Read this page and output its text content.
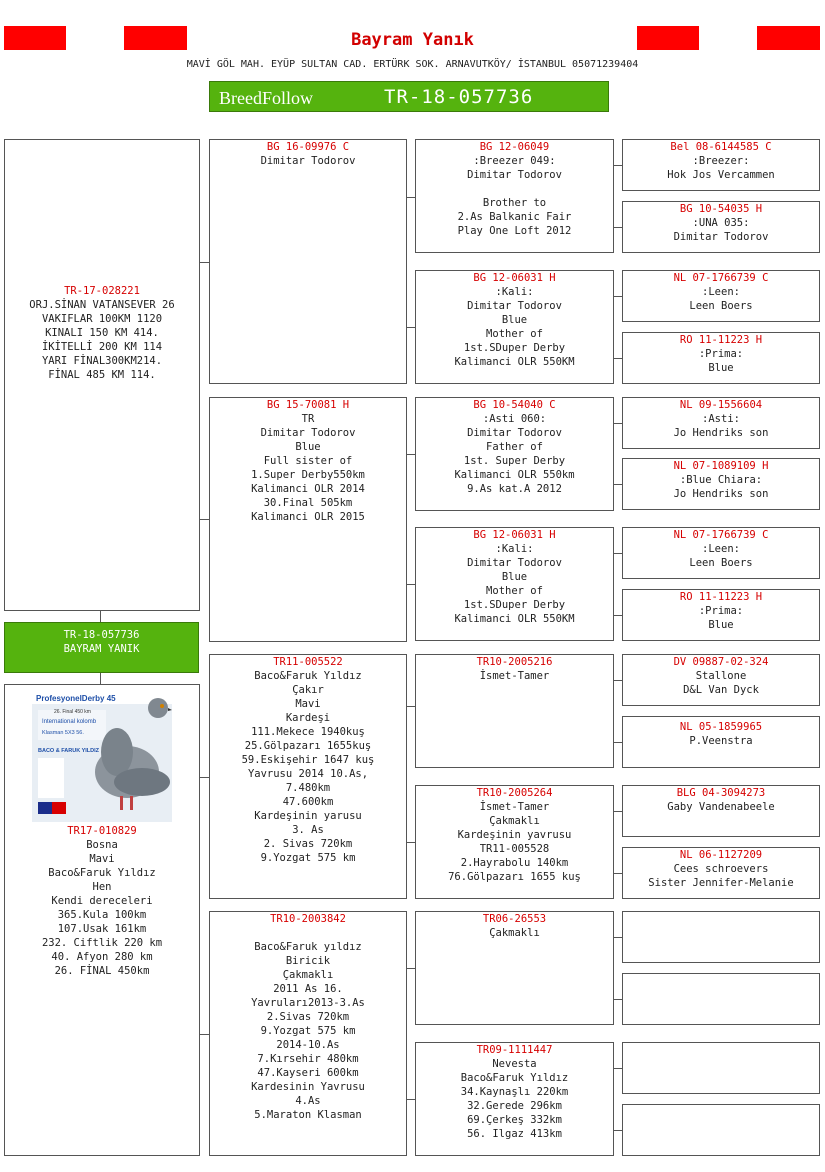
Bayram Yanık
MAVİ GÖL MAH. EYÜP SULTAN CAD. ERTÜRK SOK. ARNAVUTKÖY/ İSTANBUL 05071239404
BreedFollow	TR-18-057736
TR-17-028221
ORJ.SİNAN VATANSEVER 26
VAKIFLAR 100KM 1120
KINALI 150 KM 414.
İKİTELLİ 200 KM 114
YARI FİNAL300KM214.
FİNAL 485 KM 114.
TR-18-057736
BAYRAM YANIK
ProfesyonelDerby 45
26. Final 450 km
International kolomb
Klasman 5X3 56.
BACO & FARUK YILDIZ
TR17-010829
Bosna
Mavi
Baco&Faruk Yıldız
Hen
Kendi dereceleri
365.Kula 100km
107.Usak 161km
232. Ciftlik 220 km
40. Afyon 280 km
26. FİNAL 450km
BG 16-09976 C
Dimitar Todorov
BG 15-70081 H
TR
Dimitar Todorov
Blue
Full sister of
1.Super Derby550km
Kalimanci OLR 2014
30.Final 505km
Kalimanci OLR 2015
TR11-005522
Baco&Faruk Yıldız
Çakır
Mavi
Kardeşi
111.Mekece 1940kuş
25.Gölpazarı 1655kuş
59.Eskişehir 1647 kuş
Yavrusu 2014 10.As,
7.480km
47.600km
Kardeşinin yarusu
3. As
2. Sivas 720km
9.Yozgat 575 km
TR10-2003842

Baco&Faruk yıldız
Biricik
Çakmaklı
2011 As 16.
Yavruları2013-3.As
2.Sivas 720km
9.Yozgat 575 km
2014-10.As
7.Kırsehir 480km
47.Kayseri 600km
Kardesinin Yavrusu
4.As
5.Maraton Klasman
BG 12-06049
:Breezer 049:
Dimitar Todorov

Brother to
2.As Balkanic Fair
Play One Loft 2012
BG 12-06031 H
:Kali:
Dimitar Todorov
Blue
Mother of
1st.SDuper Derby
Kalimanci OLR 550KM
BG 10-54040 C
:Asti 060:
Dimitar Todorov
Father of
1st. Super Derby
Kalimanci OLR 550km
9.As kat.A 2012
BG 12-06031 H
:Kali:
Dimitar Todorov
Blue
Mother of
1st.SDuper Derby
Kalimanci OLR 550KM
TR10-2005216
İsmet-Tamer
TR10-2005264
İsmet-Tamer
Çakmaklı
Kardeşinin yavrusu
TR11-005528
2.Hayrabolu 140km
76.Gölpazarı 1655 kuş
TR06-26553
Çakmaklı
TR09-1111447
Nevesta
Baco&Faruk Yıldız
34.Kaynaşlı 220km
32.Gerede 296km
69.Çerkeş 332km
56. Ilgaz 413km
Bel 08-6144585 C
:Breezer:
Hok Jos Vercammen
BG 10-54035 H
:UNA 035:
Dimitar Todorov
NL 07-1766739 C
:Leen:
Leen Boers
RO 11-11223 H
:Prima:
Blue
NL 09-1556604
:Asti:
Jo Hendriks son
NL 07-1089109 H
:Blue Chiara:
Jo Hendriks son
NL 07-1766739 C
:Leen:
Leen Boers
RO 11-11223 H
:Prima:
Blue
DV 09887-02-324
Stallone
D&L Van Dyck
NL 05-1859965
P.Veenstra
BLG 04-3094273
Gaby Vandenabeele
NL 06-1127209
Cees schroevers
Sister Jennifer-Melanie
